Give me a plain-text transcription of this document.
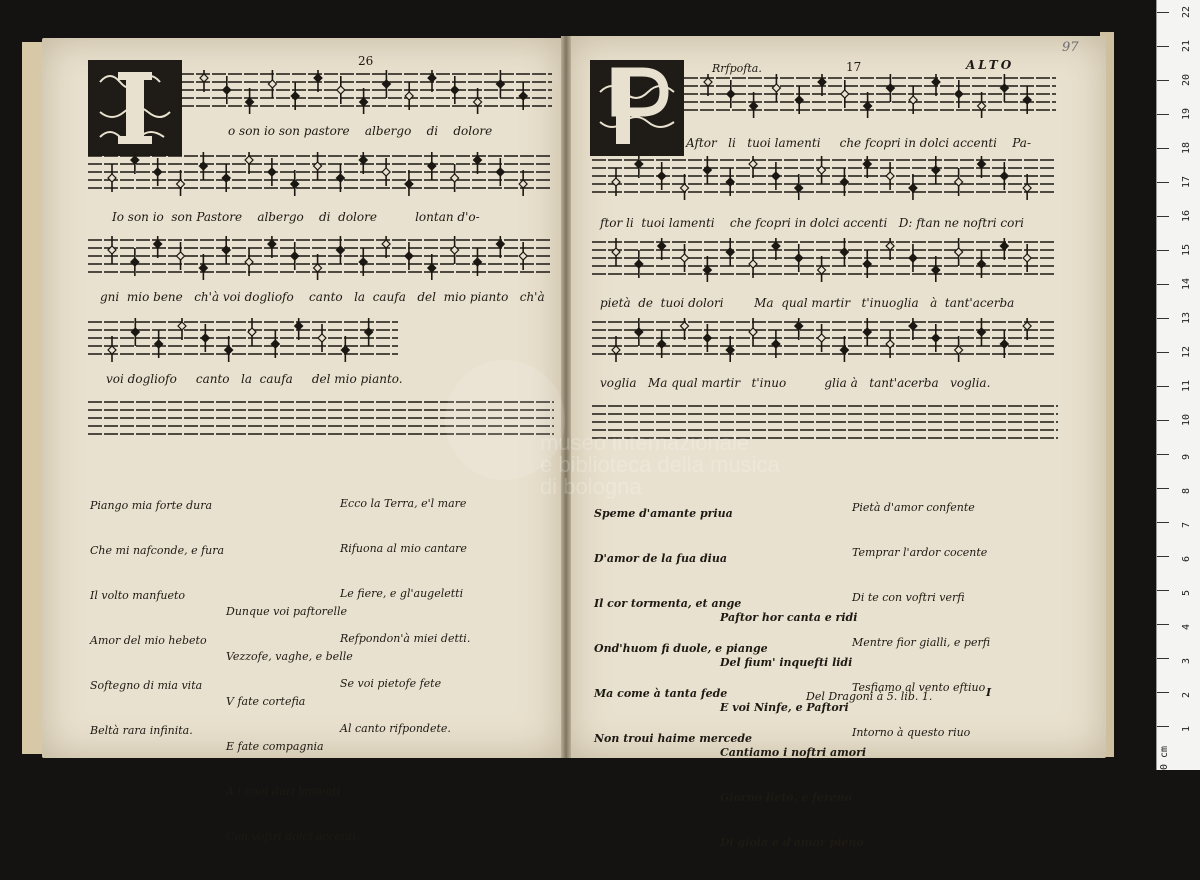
26
Rrfpofta.	17	ALTO
97
o son io son pastore    albergo    di    dolore
Io son io  son Pastore    albergo    di  dolore          lontan d'o-
gni  mio bene   ch'à voi dogliofo    canto   la  caufa   del  mio pianto   ch'à
voi dogliofo     canto   la  caufa     del mio pianto.
Aftor   li   tuoi lamenti     che fcopri in dolci accenti    Pa-
ftor li  tuoi lamenti    che fcopri in dolci accenti   D: ftan ne noftri cori
pietà  de  tuoi dolori        Ma  qual martir   t'inuoglia   à  tant'acerba
voglia   Ma qual martir   t'inuo          glia à   tant'acerba   voglia.

Piango mia forte dura

Che mi nafconde, e fura

Il volto manfueto

Amor del mio hebeto

Softegno di mia vita

Beltà rara infinita.

Ecco la Terra, e'l mare

Rifuona al mio cantare

Le fiere, e gl'augeletti

Refpondon'à miei detti.

Se voi pietofe fete

Al canto rifpondete.

Dunque voi paftorelle

Vezzofe, vaghe, e belle

V fate cortefia

E fate compagnia

A i miei duri lamenti

Con voftri dolci accenti.

Speme d'amante priua

D'amor de la fua diua

Il cor tormenta, et ange

Ond'huom fi duole, e piange

Ma come à tanta fede

Non troui haime mercede

Pietà d'amor confente

Temprar l'ardor cocente

Di te con voftri verfi

Mentre fior gialli, e perfi

Tesfiamo al vento eftiuo

Intorno à questo riuo

Paftor hor canta e ridi

Del fium' inquefti lidi

E voi Ninfe, e Paftori

Cantiamo i noftri amori

Giorno lieto, e fereno

Di gioia e d'amor pieno

Del Dragoni à 5. lib. 1.	I
museo internazionale
e biblioteca della musica
di bologna
0 cm
1
2
3
4
5
6
7
8
9
10
11
12
13
14
15
16
17
18
19
20
21
22
